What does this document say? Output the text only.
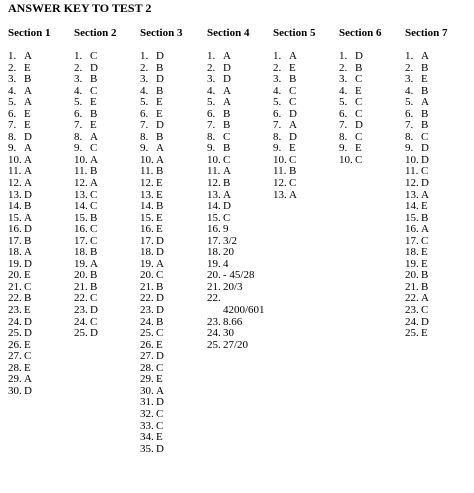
ANSWER KEY TO TEST 2
Section 1
1. A
2. E
3. B
4. A
5. A
6. E
7. E
8. D
9. A
10. A
11. A
12. A
13. D
14. B
15. A
16. D
17. B
18. A
19. D
20. E
21. C
22. B
23. E
24. D
25. D
26. E
27. C
28. E
29. A
30. D
Section 2
1. C
2. D
3. B
4. C
5. E
6. B
7. E
8. A
9. C
10. A
11. B
12. A
13. C
14. C
15. B
16. C
17. C
18. B
19. A
20. B
21. B
22. C
23. D
24. C
25. D
Section 3
1. D
2. B
3. D
4. B
5. E
6. E
7. D
8. B
9. A
10. A
11. B
12. E
13. E
14. B
15. E
16. E
17. D
18. D
19. A
20. C
21. B
22. D
23. D
24. B
25. C
26. E
27. D
28. C
29. E
30. A
31. D
32. C
33. C
34. E
35. D
Section 4
1. A
2. D
3. D
4. A
5. A
6. B
7. B
8. C
9. B
10. C
11. A
12. B
13. A
14. D
15. C
16. 9
17. 3/2
18. 20
19. 4
20. - 45/28
21. 20/3
22.
4200/601
23. 8.66
24. 30
25. 27/20
Section 5
1. A
2. E
3. B
4. C
5. C
6. D
7. A
8. D
9. E
10. C
11. B
12. C
13. A
Section 6
1. D
2. B
3. C
4. E
5. C
6. C
7. D
8. C
9. E
10. C
Section 7
1. A
2. B
3. E
4. B
5. A
6. B
7. B
8. C
9. D
10. D
11. C
12. D
13. A
14. E
15. B
16. A
17. C
18. E
19. E
20. B
21. B
22. A
23. C
24. D
25. E
